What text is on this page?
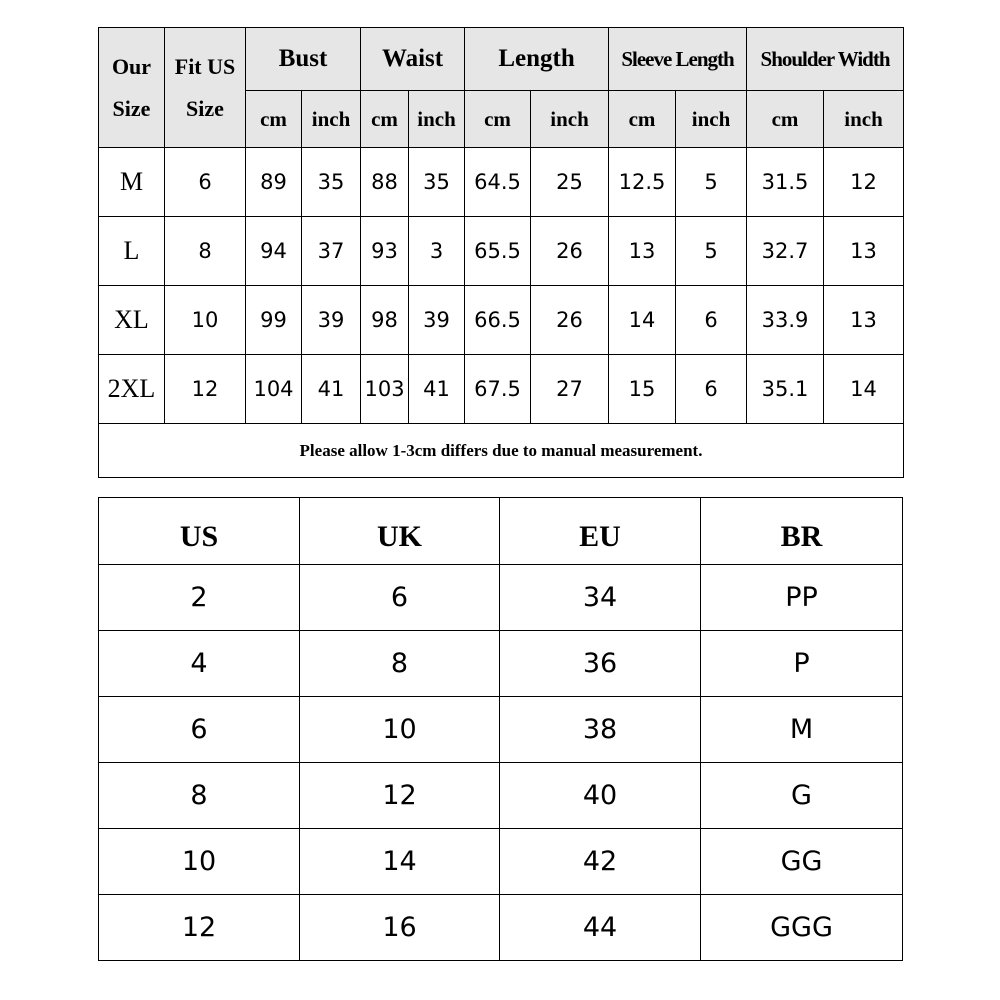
Our Size	Fit US Size	Bust		Waist		Length		Sleeve Length		Shoulder Width	
		cm	inch	cm	inch	cm	inch	cm	inch	cm	inch
M	6	89	35	88	35	64.5	25	12.5	5	31.5	12
L	8	94	37	93	3	65.5	26	13	5	32.7	13
XL	10	99	39	98	39	66.5	26	14	6	33.9	13
2XL	12	104	41	103	41	67.5	27	15	6	35.1	14
Please allow 1-3cm differs due to manual measurement.											
US	UK	EU	BR
2	6	34	PP
4	8	36	P
6	10	38	M
8	12	40	G
10	14	42	GG
12	16	44	GGG
